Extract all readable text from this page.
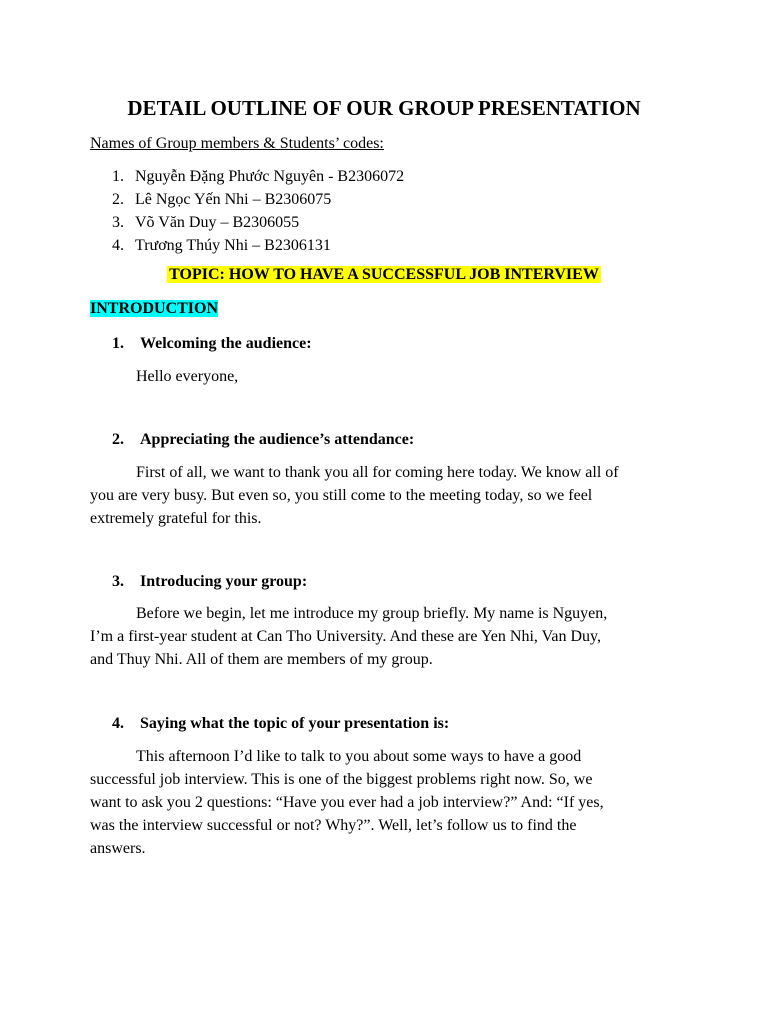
DETAIL OUTLINE OF OUR GROUP PRESENTATION

Names of Group members & Students’ codes:

1. Nguyễn Đặng Phước Nguyên - B2306072
2. Lê Ngọc Yến Nhi – B2306075
3. Võ Văn Duy – B2306055
4. Trương Thúy Nhi – B2306131
TOPIC: HOW TO HAVE A SUCCESSFUL JOB INTERVIEW
INTRODUCTION
1. Welcoming the audience:

Hello everyone,

2. Appreciating the audience’s attendance:

First of all, we want to thank you all for coming here today. We know all of
you are very busy. But even so, you still come to the meeting today, so we feel
extremely grateful for this.

3. Introducing your group:

Before we begin, let me introduce my group briefly. My name is Nguyen,
I’m a first-year student at Can Tho University. And these are Yen Nhi, Van Duy,
and Thuy Nhi. All of them are members of my group.

4. Saying what the topic of your presentation is:

This afternoon I’d like to talk to you about some ways to have a good
successful job interview. This is one of the biggest problems right now. So, we
want to ask you 2 questions: “Have you ever had a job interview?” And: “If yes,
was the interview successful or not? Why?”. Well, let’s follow us to find the
answers.
